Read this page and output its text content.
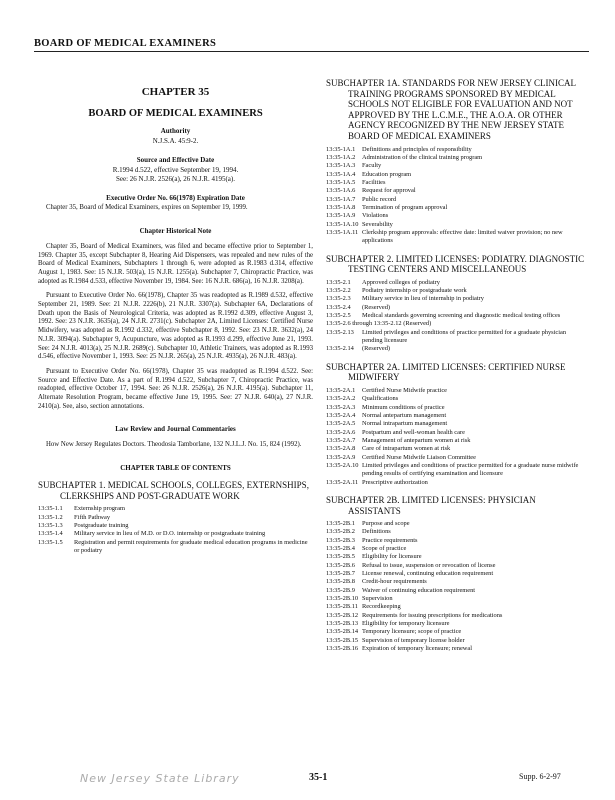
BOARD OF MEDICAL EXAMINERS
CHAPTER 35
BOARD OF MEDICAL EXAMINERS
Authority
N.J.S.A. 45:9-2.
Source and Effective Date
R.1994 d.522, effective September 19, 1994.
See: 26 N.J.R. 2526(a), 26 N.J.R. 4195(a).
Executive Order No. 66(1978) Expiration Date
Chapter 35, Board of Medical Examiners, expires on September 19, 1999.
Chapter Historical Note
Chapter 35, Board of Medical Examiners, was filed and became effective prior to September 1, 1969. Chapter 35, except Subchapter 8, Hearing Aid Dispensers, was repealed and new rules of the Board of Medical Examiners, Subchapters 1 through 6, were adopted as R.1983 d.314, effective August 1, 1983. See: 15 N.J.R. 503(a), 15 N.J.R. 1255(a). Subchapter 7, Chiropractic Practice, was adopted as R.1984 d.533, effective November 19, 1984. See: 16 N.J.R. 686(a), 16 N.J.R. 3208(a).
Pursuant to Executive Order No. 66(1978), Chapter 35 was readopted as R.1989 d.532, effective September 21, 1989. See: 21 N.J.R. 2226(b), 21 N.J.R. 3307(a). Subchapter 6A, Declarations of Death upon the Basis of Neurological Criteria, was adopted as R.1992 d.309, effective August 3, 1992. See: 23 N.J.R. 3635(a), 24 N.J.R. 2731(c). Subchapter 2A, Limited Licenses: Certified Nurse Midwifery, was adopted as R.1992 d.332, effective Subchapter 8, 1992. See: 23 N.J.R. 3632(a), 24 N.J.R. 3094(a). Subchapter 9, Acupuncture, was adopted as R.1993 d.299, effective June 21, 1993. See: 24 N.J.R. 4013(a), 25 N.J.R. 2689(c). Subchapter 10, Athletic Trainers, was adopted as R.1993 d.546, effective November 1, 1993. See: 25 N.J.R. 265(a), 25 N.J.R. 4935(a), 26 N.J.R. 483(a).
Pursuant to Executive Order No. 66(1978), Chapter 35 was readopted as R.1994 d.522. See: Source and Effective Date. As a part of R.1994 d.522, Subchapter 7, Chiropractic Practice, was readopted, effective October 17, 1994. See: 26 N.J.R. 2526(a), 26 N.J.R. 4195(a). Subchapter 11, Alternate Resolution Program, became effective June 19, 1995. See: 27 N.J.R. 640(a), 27 N.J.R. 2410(a). See, also, section annotations.
Law Review and Journal Commentaries
How New Jersey Regulates Doctors. Theodosia Tamborlane, 132 N.J.L.J. No. 15, 824 (1992).
CHAPTER TABLE OF CONTENTS
SUBCHAPTER 1. MEDICAL SCHOOLS, COLLEGES, EXTERNSHIPS, CLERKSHIPS AND POST-GRADUATE WORK
13:35-1.1	Externship program
13:35-1.2	Fifth Pathway
13:35-1.3	Postgraduate training
13:35-1.4	Military service in lieu of M.D. or D.O. internship or postgraduate training
13:35-1.5	Registration and permit requirements for graduate medical education programs in medicine or podiatry
SUBCHAPTER 1A. STANDARDS FOR NEW JERSEY CLINICAL TRAINING PROGRAMS SPONSORED BY MEDICAL SCHOOLS NOT ELIGIBLE FOR EVALUATION AND NOT APPROVED BY THE L.C.M.E., THE A.O.A. OR OTHER AGENCY RECOGNIZED BY THE NEW JERSEY STATE BOARD OF MEDICAL EXAMINERS
13:35-1A.1	Definitions and principles of responsibility
13:35-1A.2	Administration of the clinical training program
13:35-1A.3	Faculty
13:35-1A.4	Education program
13:35-1A.5	Facilities
13:35-1A.6	Request for approval
13:35-1A.7	Public record
13:35-1A.8	Termination of program approval
13:35-1A.9	Violations
13:35-1A.10 Severability
13:35-1A.11 Clerkship program approvals: effective date: limited waiver provision; no new applications
SUBCHAPTER 2. LIMITED LICENSES: PODIATRY. DIAGNOSTIC TESTING CENTERS AND MISCELLANEOUS
13:35-2.1	Approved colleges of podiatry
13:35-2.2	Podiatry internship or postgraduate work
13:35-2.3	Military service in lieu of internship in podiatry
13:35-2.4	(Reserved)
13:35-2.5	Medical standards governing screening and diagnostic medical testing offices
13:35-2.6 through 13:35-2.12 (Reserved)
13:35-2.13	Limited privileges and conditions of practice permitted for a graduate physician pending licensure
13:35-2.14	(Reserved)
SUBCHAPTER 2A. LIMITED LICENSES: CERTIFIED NURSE MIDWIFERY
13:35-2A.1	Certified Nurse Midwife practice
13:35-2A.2	Qualifications
13:35-2A.3	Minimum conditions of practice
13:35-2A.4	Normal antepartum management
13:35-2A.5	Normal intrapartum management
13:35-2A.6	Postpartum and well-woman health care
13:35-2A.7	Management of antepartum women at risk
13:35-2A.8	Care of intrapartum women at risk
13:35-2A.9	Certified Nurse Midwife Liaison Committee
13:35-2A.10 Limited privileges and conditions of practice permitted for a graduate nurse midwife pending results of certifying examination and licensure
13:35-2A.11 Prescriptive authorization
SUBCHAPTER 2B. LIMITED LICENSES: PHYSICIAN ASSISTANTS
13:35-2B.1	Purpose and scope
13:35-2B.2	Definitions
13:35-2B.3	Practice requirements
13:35-2B.4	Scope of practice
13:35-2B.5	Eligibility for licensure
13:35-2B.6	Refusal to issue, suspension or revocation of license
13:35-2B.7	License renewal, continuing education requirement
13:35-2B.8	Credit-hour requirements
13:35-2B.9	Waiver of continuing education requirement
13:35-2B.10 Supervision
13:35-2B.11 Recordkeeping
13:35-2B.12 Requirements for issuing prescriptions for medications
13:35-2B.13 Eligibility for temporary licensure
13:35-2B.14 Temporary licensure; scope of practice
13:35-2B.15 Supervision of temporary license holder
13:35-2B.16 Expiration of temporary licensure; renewal
New Jersey State Library	35-1	Supp. 6-2-97
